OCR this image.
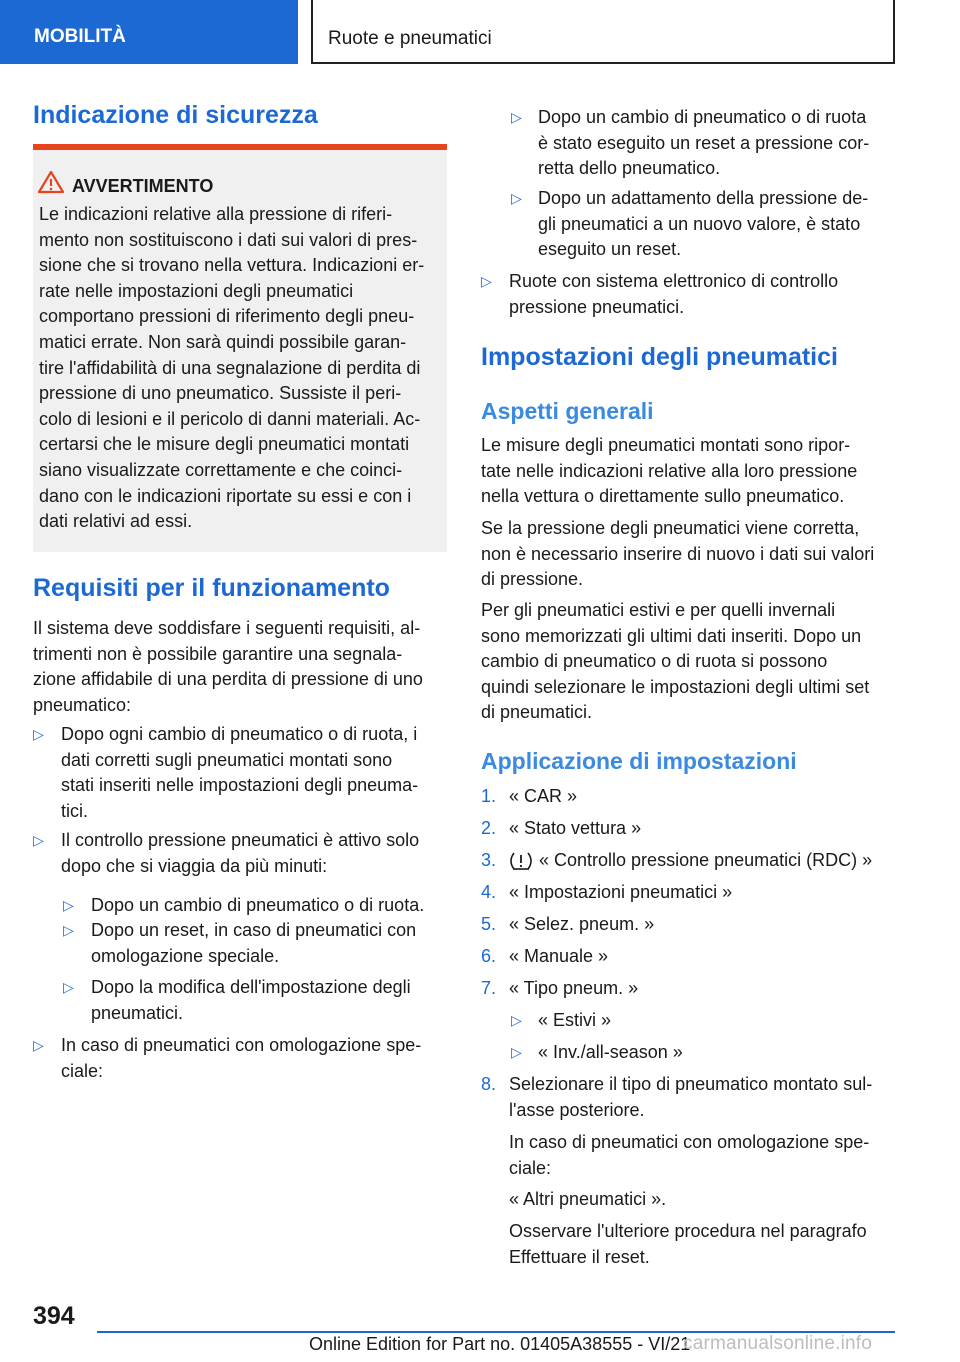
MOBILITÀ	Ruote e pneumatici
Indicazione di sicurezza
Requisiti per il funzionamento
Il sistema deve soddisfare i seguenti requisiti, al-
trimenti non è possibile garantire una segnala-
zione affidabile di una perdita di pressione di uno
pneumatico:
▷ Dopo ogni cambio di pneumatico o di ruota, i
dati corretti sugli pneumatici montati sono
stati inseriti nelle impostazioni degli pneuma-
tici.
▷ Il controllo pressione pneumatici è attivo solo
dopo che si viaggia da più minuti:
▷ Dopo un cambio di pneumatico o di ruota.
▷ Dopo un reset, in caso di pneumatici con
omologazione speciale.
▷ Dopo la modifica dell'impostazione degli
pneumatici.
▷ In caso di pneumatici con omologazione spe-
ciale:
AVVERTIMENTO
Le indicazioni relative alla pressione di riferi-
mento non sostituiscono i dati sui valori di pres-
sione che si trovano nella vettura. Indicazioni er-
rate nelle impostazioni degli pneumatici
comportano pressioni di riferimento degli pneu-
matici errate. Non sarà quindi possibile garan-
tire l'affidabilità di una segnalazione di perdita di
pressione di uno pneumatico. Sussiste il peri-
colo di lesioni e il pericolo di danni materiali. Ac-
certarsi che le misure degli pneumatici montati
siano visualizzate correttamente e che coinci-
dano con le indicazioni riportate su essi e con i
dati relativi ad essi.
▷ Dopo un cambio di pneumatico o di ruota
è stato eseguito un reset a pressione cor-
retta dello pneumatico.
▷ Dopo un adattamento della pressione de-
gli pneumatici a un nuovo valore, è stato
eseguito un reset.
▷ Ruote con sistema elettronico di controllo
pressione pneumatici.
Impostazioni degli pneumatici
Aspetti generali
Le misure degli pneumatici montati sono ripor-
tate nelle indicazioni relative alla loro pressione
nella vettura o direttamente sullo pneumatico.
Se la pressione degli pneumatici viene corretta,
non è necessario inserire di nuovo i dati sui valori
di pressione.
Per gli pneumatici estivi e per quelli invernali
sono memorizzati gli ultimi dati inseriti. Dopo un
cambio di pneumatico o di ruota si possono
quindi selezionare le impostazioni degli ultimi set
di pneumatici.
Applicazione di impostazioni
1. « CAR »
2. « Stato vettura »
3. « Controllo pressione pneumatici (RDC) »
4. « Impostazioni pneumatici »
5. « Selez. pneum. »
6. « Manuale »
7. « Tipo pneum. »
▷ « Estivi »
▷ « Inv./all-season »
8. Selezionare il tipo di pneumatico montato sul-
l'asse posteriore.
In caso di pneumatici con omologazione spe-
ciale:
« Altri pneumatici ».
Osservare l'ulteriore procedura nel paragrafo
Effettuare il reset.
394
Online Edition for Part no. 01405A38555 - VI/21
carmanualsonline.info
